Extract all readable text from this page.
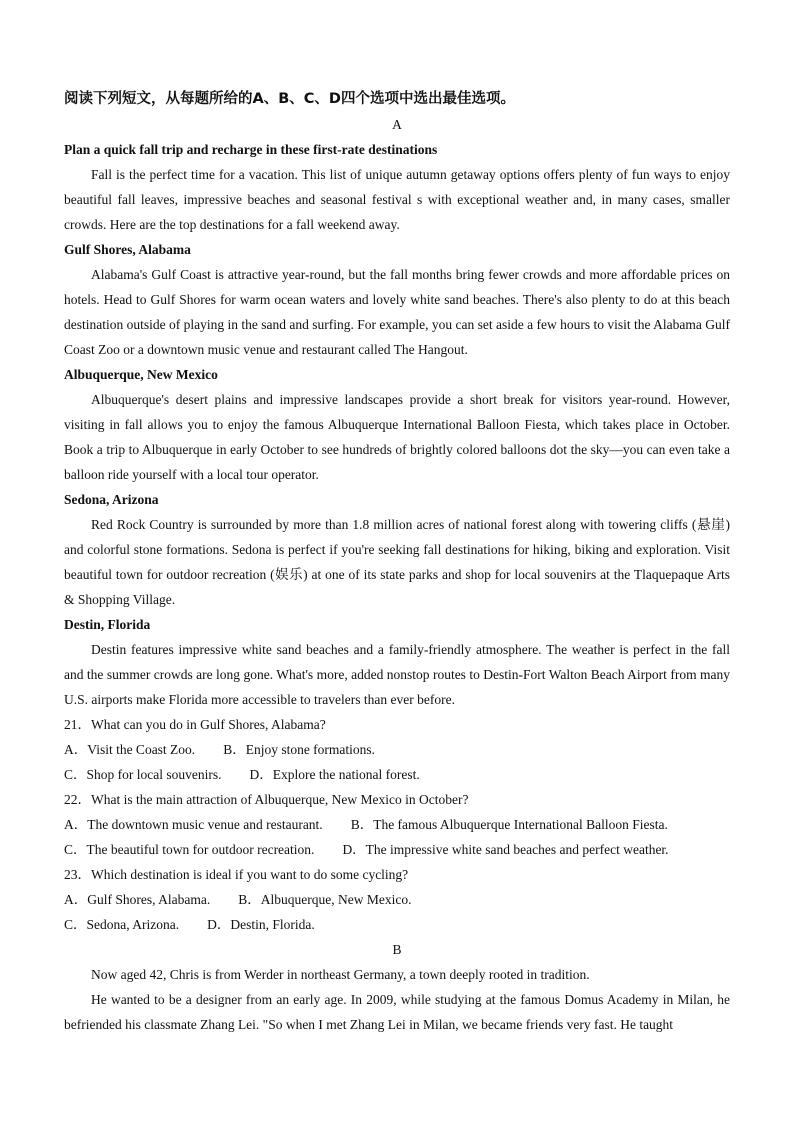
阅读下列短文，从每题所给的A、B、C、D四个选项中选出最佳选项。

A

Plan a quick fall trip and recharge in these first-rate destinations

Fall is the perfect time for a vacation. This list of unique autumn getaway options offers plenty of fun ways to enjoy beautiful fall leaves, impressive beaches and seasonal festival s with exceptional weather and, in many cases, smaller crowds. Here are the top destinations for a fall weekend away.

Gulf Shores, Alabama

Alabama's Gulf Coast is attractive year-round, but the fall months bring fewer crowds and more affordable prices on hotels. Head to Gulf Shores for warm ocean waters and lovely white sand beaches. There's also plenty to do at this beach destination outside of playing in the sand and surfing. For example, you can set aside a few hours to visit the Alabama Gulf Coast Zoo or a downtown music venue and restaurant called The Hangout.

Albuquerque, New Mexico

Albuquerque's desert plains and impressive landscapes provide a short break for visitors year-round. However, visiting in fall allows you to enjoy the famous Albuquerque International Balloon Fiesta, which takes place in October. Book a trip to Albuquerque in early October to see hundreds of brightly colored balloons dot the sky—you can even take a balloon ride yourself with a local tour operator.

Sedona, Arizona

Red Rock Country is surrounded by more than 1.8 million acres of national forest along with towering cliffs (悬崖) and colorful stone formations. Sedona is perfect if you're seeking fall destinations for hiking, biking and exploration. Visit beautiful town for outdoor recreation (娱乐) at one of its state parks and shop for local souvenirs at the Tlaquepaque Arts & Shopping Village.

Destin, Florida

Destin features impressive white sand beaches and a family-friendly atmosphere. The weather is perfect in the fall and the summer crowds are long gone. What's more, added nonstop routes to Destin-Fort Walton Beach Airport from many U.S. airports make Florida more accessible to travelers than ever before.

21．What can you do in Gulf Shores, Alabama?

A．Visit the Coast Zoo. B．Enjoy stone formations.

C．Shop for local souvenirs. D．Explore the national forest.

22．What is the main attraction of Albuquerque, New Mexico in October?

A．The downtown music venue and restaurant. B．The famous Albuquerque International Balloon Fiesta.

C．The beautiful town for outdoor recreation. D．The impressive white sand beaches and perfect weather.

23．Which destination is ideal if you want to do some cycling?

A．Gulf Shores, Alabama. B．Albuquerque, New Mexico.

C．Sedona, Arizona. D．Destin, Florida.

B

Now aged 42, Chris is from Werder in northeast Germany, a town deeply rooted in tradition.

He wanted to be a designer from an early age. In 2009, while studying at the famous Domus Academy in Milan, he befriended his classmate Zhang Lei. "So when I met Zhang Lei in Milan, we became friends very fast. He taught
